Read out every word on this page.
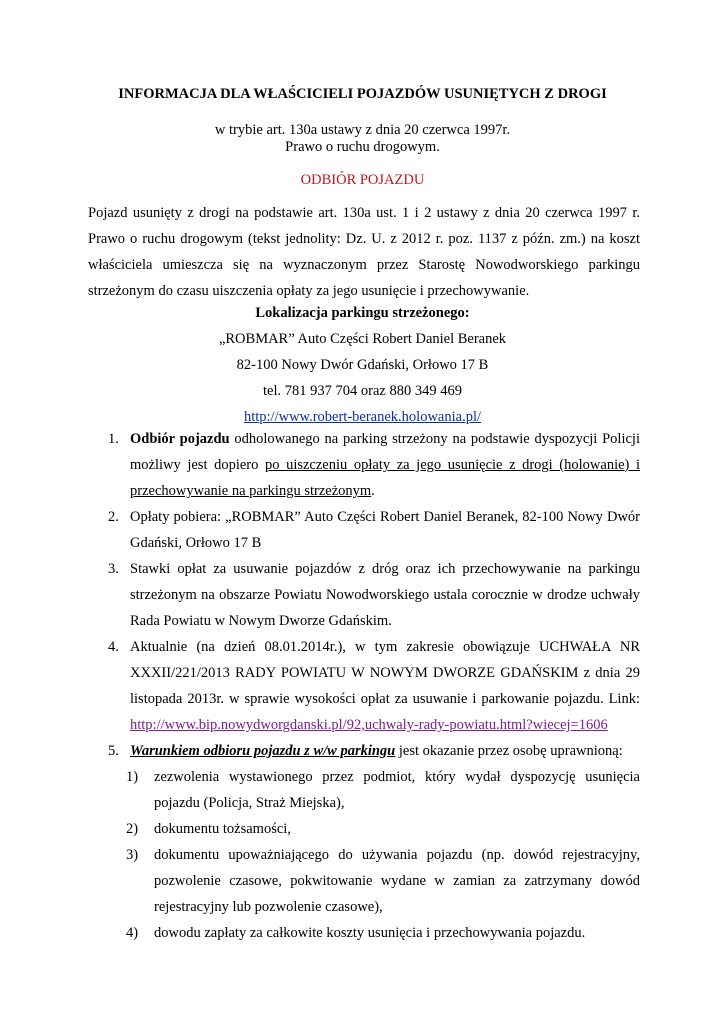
INFORMACJA DLA WŁAŚCICIELI POJAZDÓW USUNIĘTYCH Z DROGI
w trybie art. 130a ustawy z dnia 20 czerwca 1997r.
Prawo o ruchu drogowym.
ODBIÓR POJAZDU
Pojazd usunięty z drogi na podstawie art. 130a ust. 1 i 2 ustawy z dnia 20 czerwca 1997 r. Prawo o ruchu drogowym (tekst jednolity: Dz. U. z 2012 r. poz. 1137 z późn. zm.) na koszt właściciela umieszcza się na wyznaczonym przez Starostę Nowodworskiego parkingu strzeżonym do czasu uiszczenia opłaty za jego usunięcie i przechowywanie.
Lokalizacja parkingu strzeżonego:
„ROBMAR” Auto Części Robert Daniel Beranek
82-100 Nowy Dwór Gdański, Orłowo 17 B
tel. 781 937 704 oraz 880 349 469
http://www.robert-beranek.holowania.pl/
1. Odbiór pojazdu odholowanego na parking strzeżony na podstawie dyspozycji Policji możliwy jest dopiero po uiszczeniu opłaty za jego usunięcie z drogi (holowanie) i przechowywanie na parkingu strzeżonym.
2. Opłaty pobiera: „ROBMAR” Auto Części Robert Daniel Beranek, 82-100 Nowy Dwór Gdański, Orłowo 17 B
3. Stawki opłat za usuwanie pojazdów z dróg oraz ich przechowywanie na parkingu strzeżonym na obszarze Powiatu Nowodworskiego ustala corocznie w drodze uchwały Rada Powiatu w Nowym Dworze Gdańskim.
4. Aktualnie (na dzień 08.01.2014r.), w tym zakresie obowiązuje UCHWAŁA NR XXXII/221/2013 RADY POWIATU W NOWYM DWORZE GDAŃSKIM z dnia 29 listopada 2013r. w sprawie wysokości opłat za usuwanie i parkowanie pojazdu. Link: http://www.bip.nowydworgdanski.pl/92,uchwaly-rady-powiatu.html?wiecej=1606
5. Warunkiem odbioru pojazdu z w/w parkingu jest okazanie przez osobę uprawnioną:
1) zezwolenia wystawionego przez podmiot, który wydał dyspozycję usunięcia pojazdu (Policja, Straż Miejska),
2) dokumentu tożsamości,
3) dokumentu upoważniającego do używania pojazdu (np. dowód rejestracyjny, pozwolenie czasowe, pokwitowanie wydane w zamian za zatrzymany dowód rejestracyjny lub pozwolenie czasowe),
4) dowodu zapłaty za całkowite koszty usunięcia i przechowywania pojazdu.
